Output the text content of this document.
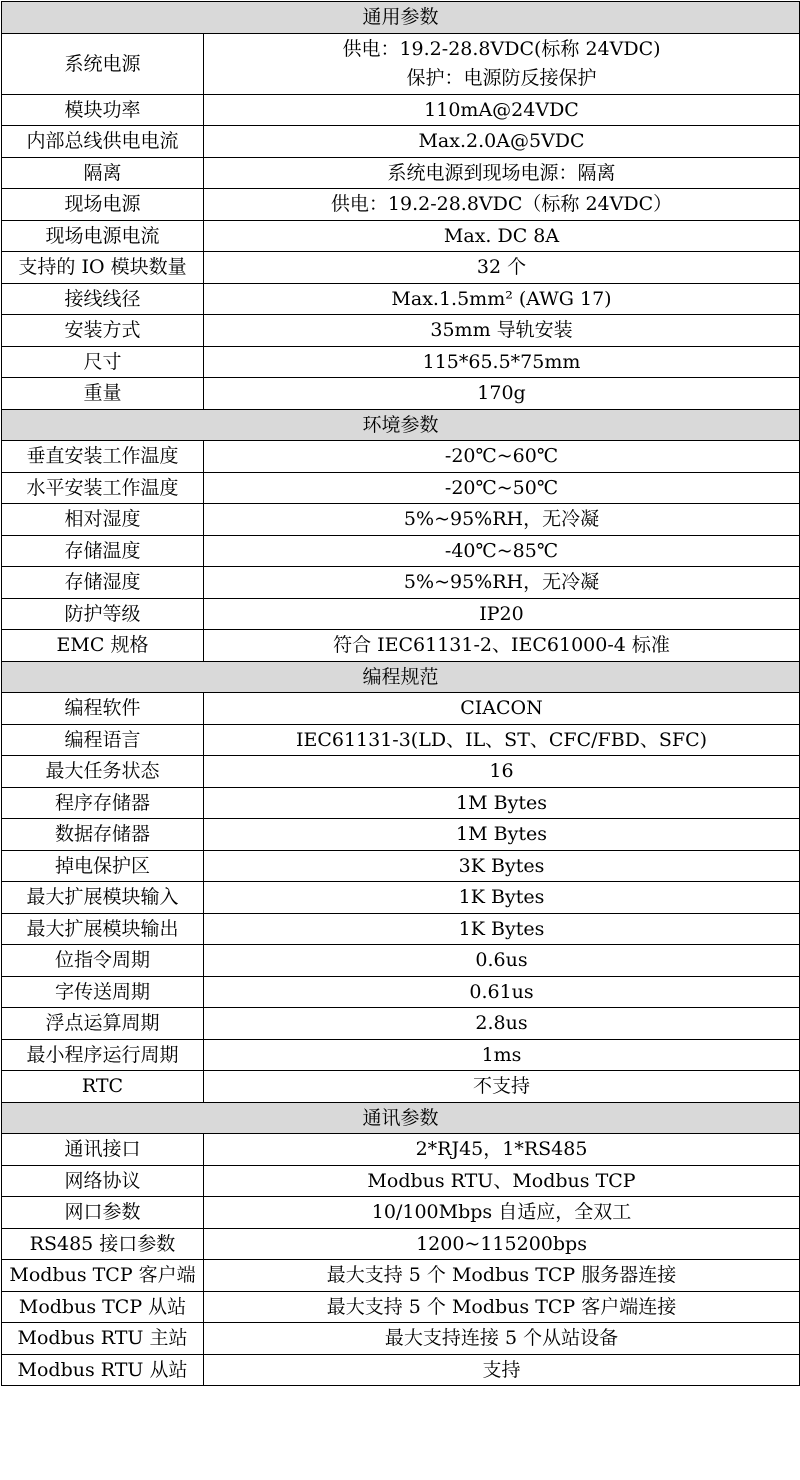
通用参数	
系统电源	供电：19.2-28.8VDC(标称 24VDC)
保护：电源防反接保护

模块功率	110mA@24VDC
内部总线供电电流	Max.2.0A@5VDC
隔离	系统电源到现场电源：隔离
现场电源	供电：19.2-28.8VDC（标称 24VDC）
现场电源电流	Max. DC 8A
支持的 IO 模块数量	32 个
接线线径	Max.1.5mm² (AWG 17)
安装方式	35mm 导轨安装
尺寸	115*65.5*75mm
重量	170g
环境参数	
垂直安装工作温度	-20℃~60℃
水平安装工作温度	-20℃~50℃
相对湿度	5%~95%RH，无冷凝
存储温度	-40℃~85℃
存储湿度	5%~95%RH，无冷凝
防护等级	IP20
EMC 规格	符合 IEC61131-2、IEC61000-4 标准
编程规范	
编程软件	CIACON
编程语言	IEC61131-3(LD、IL、ST、CFC/FBD、SFC)
最大任务状态	16
程序存储器	1M Bytes
数据存储器	1M Bytes
掉电保护区	3K Bytes
最大扩展模块输入	1K Bytes
最大扩展模块输出	1K Bytes
位指令周期	0.6us
字传送周期	0.61us
浮点运算周期	2.8us
最小程序运行周期	1ms
RTC	不支持
通讯参数	
通讯接口	2*RJ45，1*RS485
网络协议	Modbus RTU、Modbus TCP
网口参数	10/100Mbps 自适应，全双工
RS485 接口参数	1200~115200bps
Modbus TCP 客户端	最大支持 5 个 Modbus TCP 服务器连接
Modbus TCP 从站	最大支持 5 个 Modbus TCP 客户端连接
Modbus RTU 主站	最大支持连接 5 个从站设备
Modbus RTU 从站	支持
